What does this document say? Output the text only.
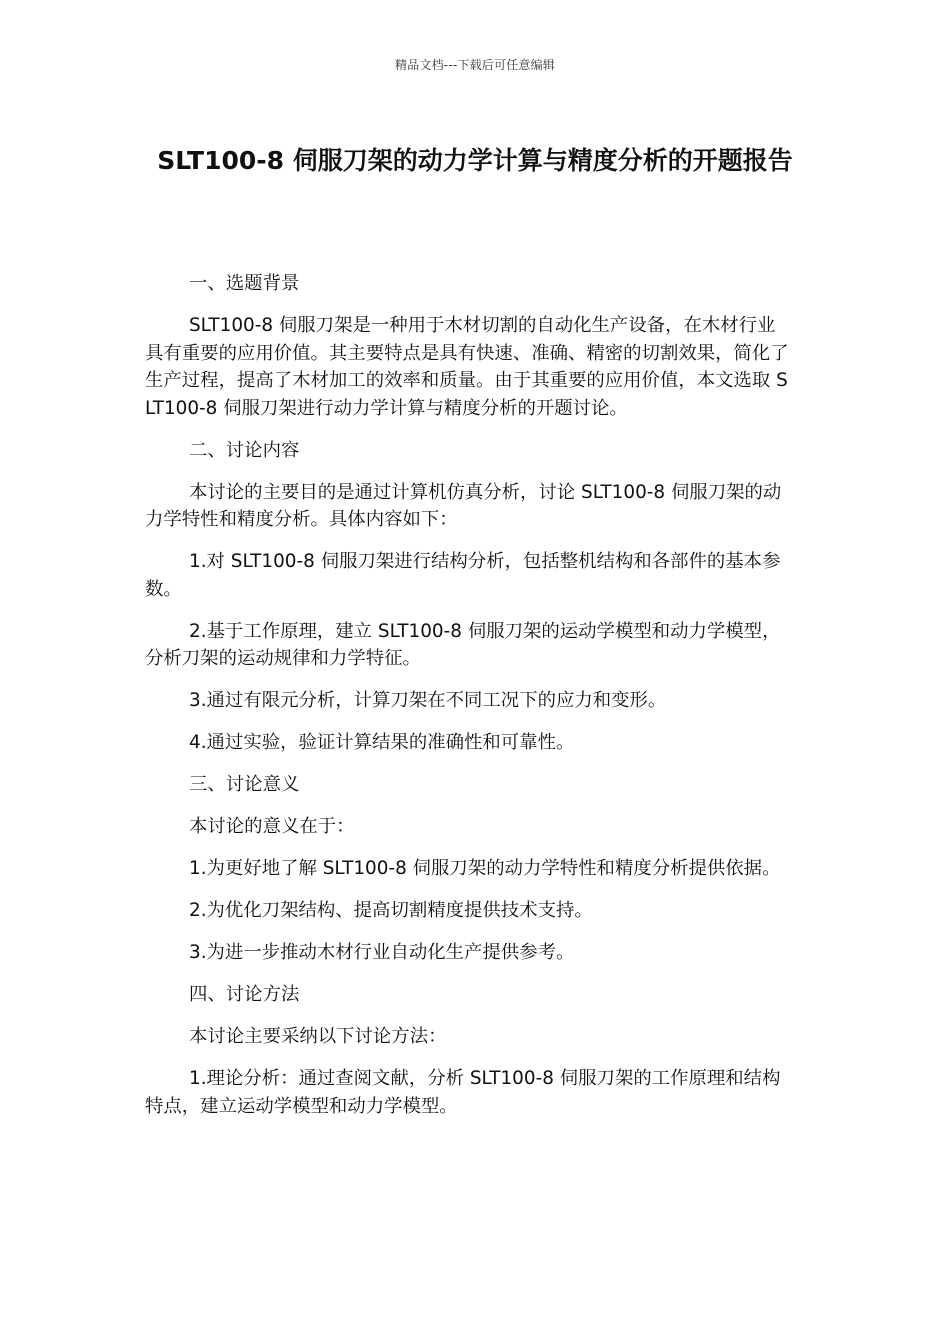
精品文档---下载后可任意编辑
SLT100-8 伺服刀架的动力学计算与精度分析的开题报告

一、选题背景

SLT100-8 伺服刀架是一种用于木材切割的自动化生产设备，在木材行业具有重要的应用价值。其主要特点是具有快速、准确、精密的切割效果，简化了生产过程，提高了木材加工的效率和质量。由于其重要的应用价值，本文选取 SLT100-8 伺服刀架进行动力学计算与精度分析的开题讨论。

二、讨论内容

本讨论的主要目的是通过计算机仿真分析，讨论 SLT100-8 伺服刀架的动力学特性和精度分析。具体内容如下：

1.对 SLT100-8 伺服刀架进行结构分析，包括整机结构和各部件的基本参数。

2.基于工作原理，建立 SLT100-8 伺服刀架的运动学模型和动力学模型，分析刀架的运动规律和力学特征。

3.通过有限元分析，计算刀架在不同工况下的应力和变形。

4.通过实验，验证计算结果的准确性和可靠性。

三、讨论意义

本讨论的意义在于：

1.为更好地了解 SLT100-8 伺服刀架的动力学特性和精度分析提供依据。

2.为优化刀架结构、提高切割精度提供技术支持。

3.为进一步推动木材行业自动化生产提供参考。

四、讨论方法

本讨论主要采纳以下讨论方法：

1.理论分析：通过查阅文献，分析 SLT100-8 伺服刀架的工作原理和结构特点，建立运动学模型和动力学模型。
